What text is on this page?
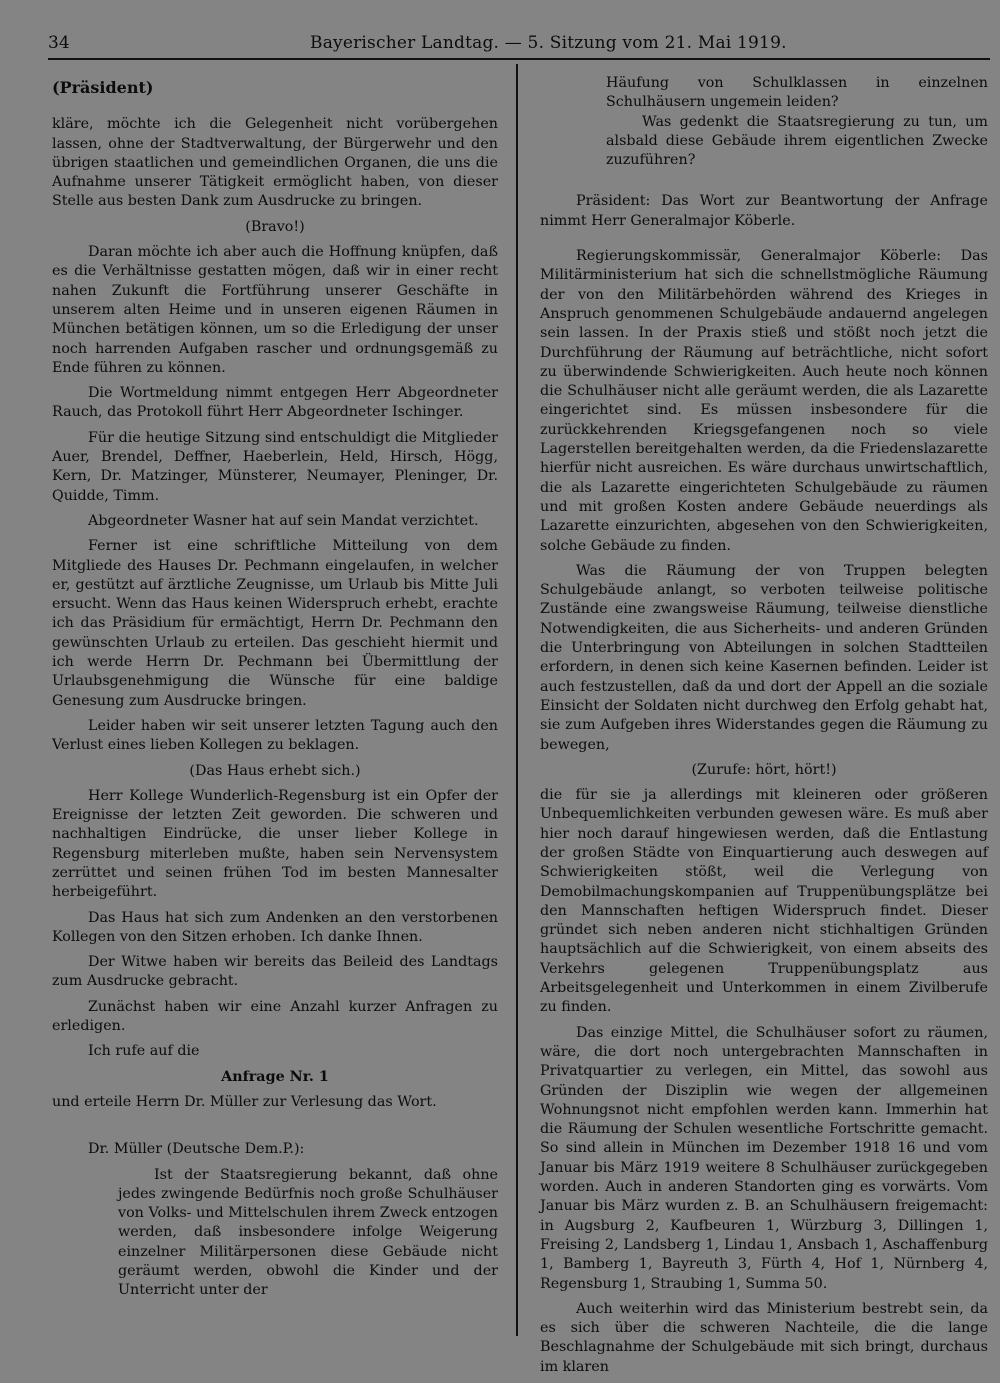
34	Bayerischer Landtag. — 5. Sitzung vom 21. Mai 1919.
(Präsident)

kläre, möchte ich die Gelegenheit nicht vorübergehen lassen, ohne der Stadtverwaltung, der Bürgerwehr und den übrigen staatlichen und gemeindlichen Organen, die uns die Aufnahme unserer Tätigkeit ermöglicht haben, von dieser Stelle aus besten Dank zum Ausdrucke zu bringen.

(Bravo!)

Daran möchte ich aber auch die Hoffnung knüpfen, daß es die Verhältnisse gestatten mögen, daß wir in einer recht nahen Zukunft die Fortführung unserer Geschäfte in unserem alten Heime und in unseren eigenen Räumen in München betätigen können, um so die Erledigung der unser noch harrenden Aufgaben rascher und ordnungsgemäß zu Ende führen zu können.

Die Wortmeldung nimmt entgegen Herr Abgeordneter Rauch, das Protokoll führt Herr Abgeordneter Ischinger.

Für die heutige Sitzung sind entschuldigt die Mitglieder Auer, Brendel, Deffner, Haeberlein, Held, Hirsch, Högg, Kern, Dr. Matzinger, Münsterer, Neumayer, Pleninger, Dr. Quidde, Timm.

Abgeordneter Wasner hat auf sein Mandat verzichtet.

Ferner ist eine schriftliche Mitteilung von dem Mitgliede des Hauses Dr. Pechmann eingelaufen, in welcher er, gestützt auf ärztliche Zeugnisse, um Urlaub bis Mitte Juli ersucht. Wenn das Haus keinen Widerspruch erhebt, erachte ich das Präsidium für ermächtigt, Herrn Dr. Pechmann den gewünschten Urlaub zu erteilen. Das geschieht hiermit und ich werde Herrn Dr. Pechmann bei Übermittlung der Urlaubsgenehmigung die Wünsche für eine baldige Genesung zum Ausdrucke bringen.

Leider haben wir seit unserer letzten Tagung auch den Verlust eines lieben Kollegen zu beklagen.

(Das Haus erhebt sich.)

Herr Kollege Wunderlich-Regensburg ist ein Opfer der Ereignisse der letzten Zeit geworden. Die schweren und nachhaltigen Eindrücke, die unser lieber Kollege in Regensburg miterleben mußte, haben sein Nervensystem zerrüttet und seinen frühen Tod im besten Mannesalter herbeigeführt.

Das Haus hat sich zum Andenken an den verstorbenen Kollegen von den Sitzen erhoben. Ich danke Ihnen.

Der Witwe haben wir bereits das Beileid des Landtags zum Ausdrucke gebracht.

Zunächst haben wir eine Anzahl kurzer Anfragen zu erledigen.

Ich rufe auf die

Anfrage Nr. 1

und erteile Herrn Dr. Müller zur Verlesung das Wort.

Dr. Müller (Deutsche Dem.P.):

Ist der Staatsregierung bekannt, daß ohne jedes zwingende Bedürfnis noch große Schulhäuser von Volks- und Mittelschulen ihrem Zweck entzogen werden, daß insbesondere infolge Weigerung einzelner Militärpersonen diese Gebäude nicht geräumt werden, obwohl die Kinder und der Unterricht unter der

Häufung von Schulklassen in einzelnen Schulhäusern ungemein leiden?

Was gedenkt die Staatsregierung zu tun, um alsbald diese Gebäude ihrem eigentlichen Zwecke zuzuführen?

Präsident: Das Wort zur Beantwortung der Anfrage nimmt Herr Generalmajor Köberle.

Regierungskommissär, Generalmajor Köberle: Das Militärministerium hat sich die schnellstmögliche Räumung der von den Militärbehörden während des Krieges in Anspruch genommenen Schulgebäude andauernd angelegen sein lassen. In der Praxis stieß und stößt noch jetzt die Durchführung der Räumung auf beträchtliche, nicht sofort zu überwindende Schwierigkeiten. Auch heute noch können die Schulhäuser nicht alle geräumt werden, die als Lazarette eingerichtet sind. Es müssen insbesondere für die zurückkehrenden Kriegsgefangenen noch so viele Lagerstellen bereitgehalten werden, da die Friedenslazarette hierfür nicht ausreichen. Es wäre durchaus unwirtschaftlich, die als Lazarette eingerichteten Schulgebäude zu räumen und mit großen Kosten andere Gebäude neuerdings als Lazarette einzurichten, abgesehen von den Schwierigkeiten, solche Gebäude zu finden.

Was die Räumung der von Truppen belegten Schulgebäude anlangt, so verboten teilweise politische Zustände eine zwangsweise Räumung, teilweise dienstliche Notwendigkeiten, die aus Sicherheits- und anderen Gründen die Unterbringung von Abteilungen in solchen Stadtteilen erfordern, in denen sich keine Kasernen befinden. Leider ist auch festzustellen, daß da und dort der Appell an die soziale Einsicht der Soldaten nicht durchweg den Erfolg gehabt hat, sie zum Aufgeben ihres Widerstandes gegen die Räumung zu bewegen,

(Zurufe: hört, hört!)

die für sie ja allerdings mit kleineren oder größeren Unbequemlichkeiten verbunden gewesen wäre. Es muß aber hier noch darauf hingewiesen werden, daß die Entlastung der großen Städte von Einquartierung auch deswegen auf Schwierigkeiten stößt, weil die Verlegung von Demobilmachungskompanien auf Truppenübungsplätze bei den Mannschaften heftigen Widerspruch findet. Dieser gründet sich neben anderen nicht stichhaltigen Gründen hauptsächlich auf die Schwierigkeit, von einem abseits des Verkehrs gelegenen Truppenübungsplatz aus Arbeitsgelegenheit und Unterkommen in einem Zivilberufe zu finden.

Das einzige Mittel, die Schulhäuser sofort zu räumen, wäre, die dort noch untergebrachten Mannschaften in Privatquartier zu verlegen, ein Mittel, das sowohl aus Gründen der Disziplin wie wegen der allgemeinen Wohnungsnot nicht empfohlen werden kann. Immerhin hat die Räumung der Schulen wesentliche Fortschritte gemacht. So sind allein in München im Dezember 1918 16 und vom Januar bis März 1919 weitere 8 Schulhäuser zurückgegeben worden. Auch in anderen Standorten ging es vorwärts. Vom Januar bis März wurden z. B. an Schulhäusern freigemacht: in Augsburg 2, Kaufbeuren 1, Würzburg 3, Dillingen 1, Freising 2, Landsberg 1, Lindau 1, Ansbach 1, Aschaffenburg 1, Bamberg 1, Bayreuth 3, Fürth 4, Hof 1, Nürnberg 4, Regensburg 1, Straubing 1, Summa 50.

Auch weiterhin wird das Ministerium bestrebt sein, da es sich über die schweren Nachteile, die die lange Beschlagnahme der Schulgebäude mit sich bringt, durchaus im klaren
